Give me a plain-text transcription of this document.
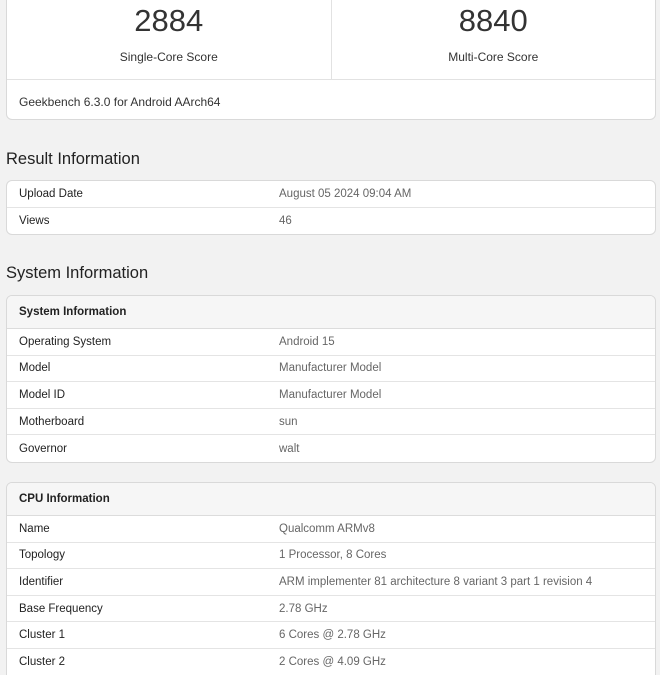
2884
Single-Core Score
8840
Multi-Core Score
Geekbench 6.3.0 for Android AArch64
Result Information
Upload Date	August 05 2024 09:04 AM
Views	46
System Information
System Information
Operating System	Android 15
Model	Manufacturer Model
Model ID	Manufacturer Model
Motherboard	sun
Governor	walt
CPU Information
Name	Qualcomm ARMv8
Topology	1 Processor, 8 Cores
Identifier	ARM implementer 81 architecture 8 variant 3 part 1 revision 4
Base Frequency	2.78 GHz
Cluster 1	6 Cores @ 2.78 GHz
Cluster 2	2 Cores @ 4.09 GHz
